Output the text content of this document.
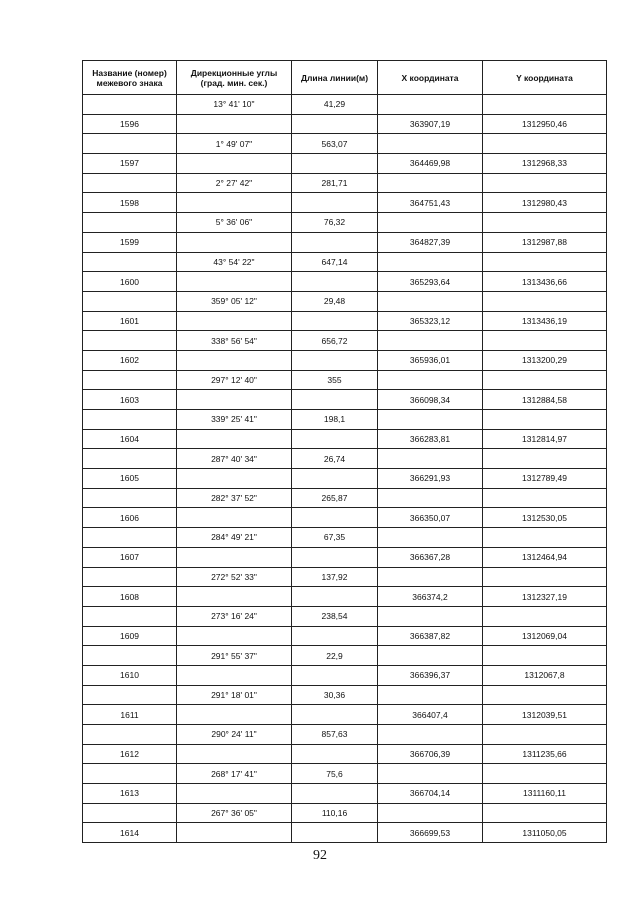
Название (номер) межевого знака	Дирекционные углы (град. мин. сек.)	Длина линии(м)	X координата	Y координата
	13° 41' 10"	41,29		
1596			363907,19	1312950,46
	1° 49' 07"	563,07		
1597			364469,98	1312968,33
	2° 27' 42"	281,71		
1598			364751,43	1312980,43
	5° 36' 06"	76,32		
1599			364827,39	1312987,88
	43° 54' 22"	647,14		
1600			365293,64	1313436,66
	359° 05' 12"	29,48		
1601			365323,12	1313436,19
	338° 56' 54"	656,72		
1602			365936,01	1313200,29
	297° 12' 40"	355		
1603			366098,34	1312884,58
	339° 25' 41"	198,1		
1604			366283,81	1312814,97
	287° 40' 34"	26,74		
1605			366291,93	1312789,49
	282° 37' 52"	265,87		
1606			366350,07	1312530,05
	284° 49' 21"	67,35		
1607			366367,28	1312464,94
	272° 52' 33"	137,92		
1608			366374,2	1312327,19
	273° 16' 24"	238,54		
1609			366387,82	1312069,04
	291° 55' 37"	22,9		
1610			366396,37	1312067,8
	291° 18' 01"	30,36		
1611			366407,4	1312039,51
	290° 24' 11"	857,63		
1612			366706,39	1311235,66
	268° 17' 41"	75,6		
1613			366704,14	1311160,11
	267° 36' 05"	110,16		
1614			366699,53	1311050,05
92
